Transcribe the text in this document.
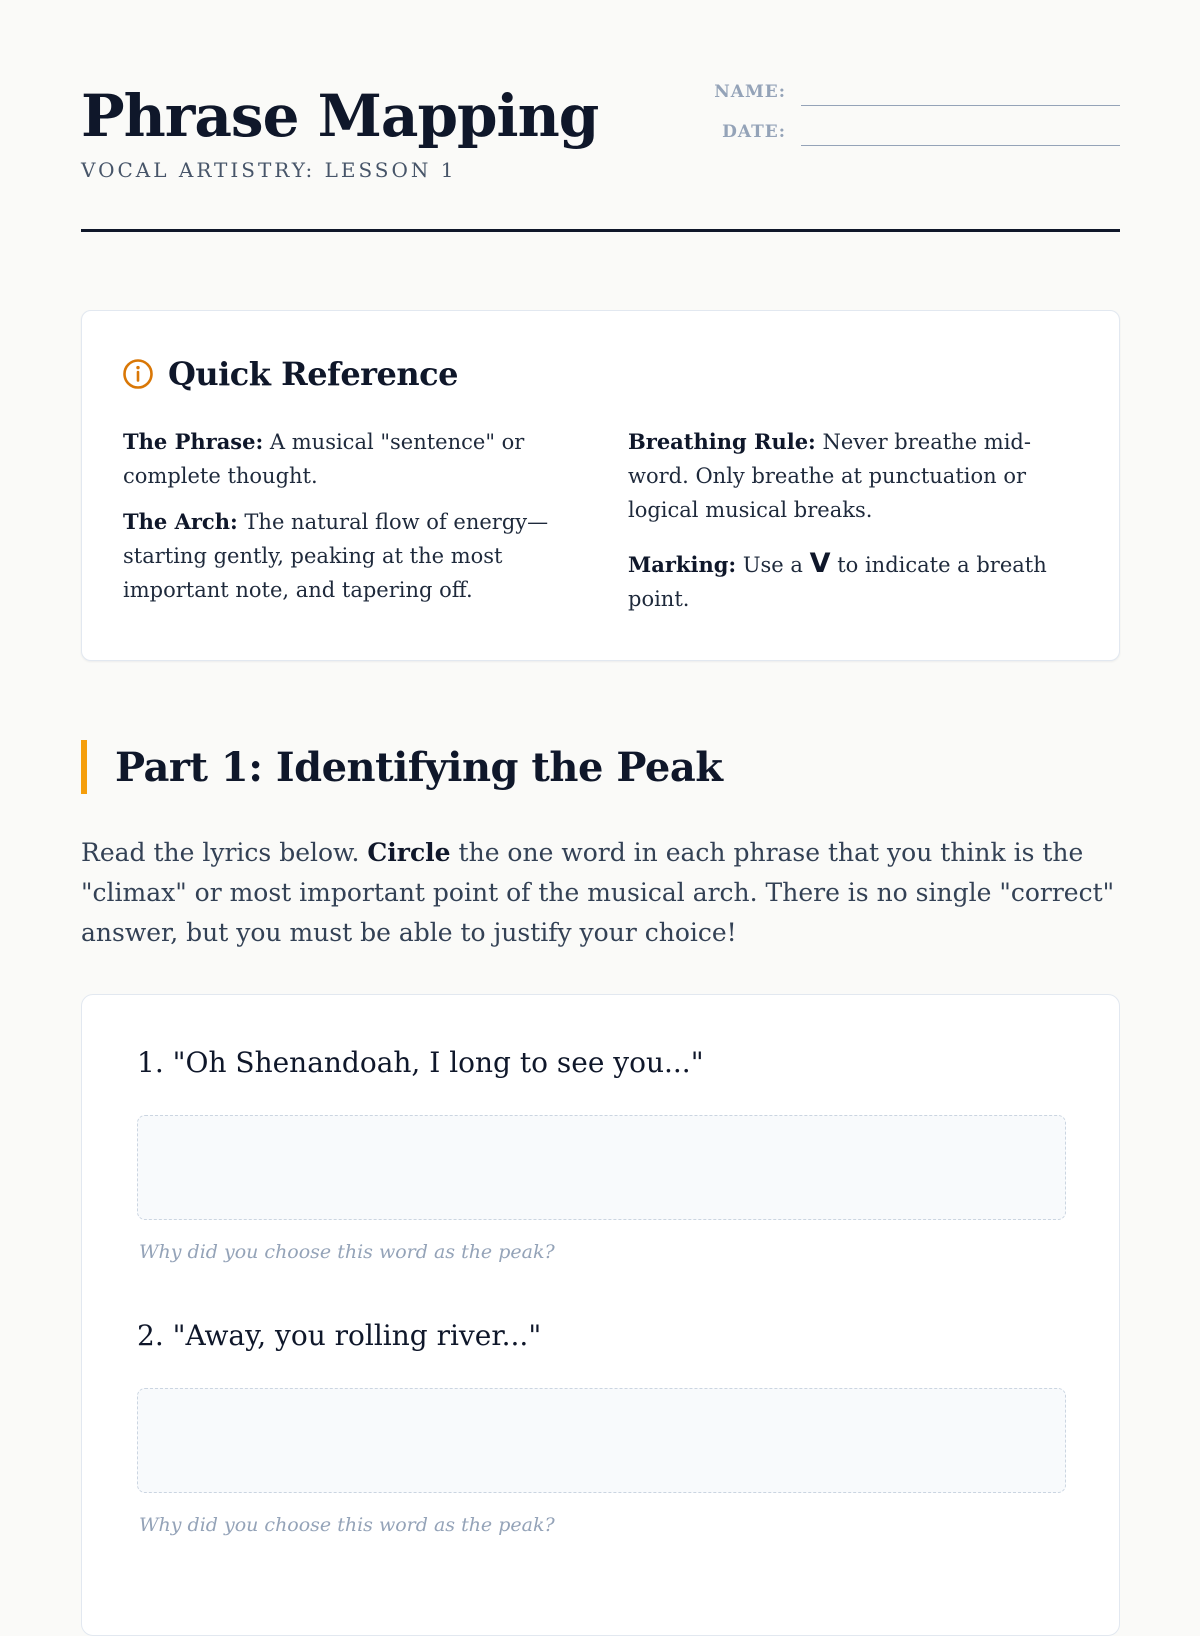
Phrase Mapping
VOCAL ARTISTRY: LESSON 1
Quick Reference

The Phrase: A musical "sentence" or complete thought.

The Arch: The natural flow of energy—starting gently, peaking at the most important note, and tapering off.

Breathing Rule: Never breathe mid-word. Only breathe at punctuation or logical musical breaks.

Marking: Use a V to indicate a breath point.

Part 1: Identifying the Peak

Read the lyrics below. Circle the one word in each phrase that you think is the "climax" or most important point of the musical arch. There is no single "correct" answer, but you must be able to justify your choice!

1. "Oh Shenandoah, I long to see you..."
Why did you choose this word as the peak?
2. "Away, you rolling river..."
Why did you choose this word as the peak?
NAME:
DATE:
